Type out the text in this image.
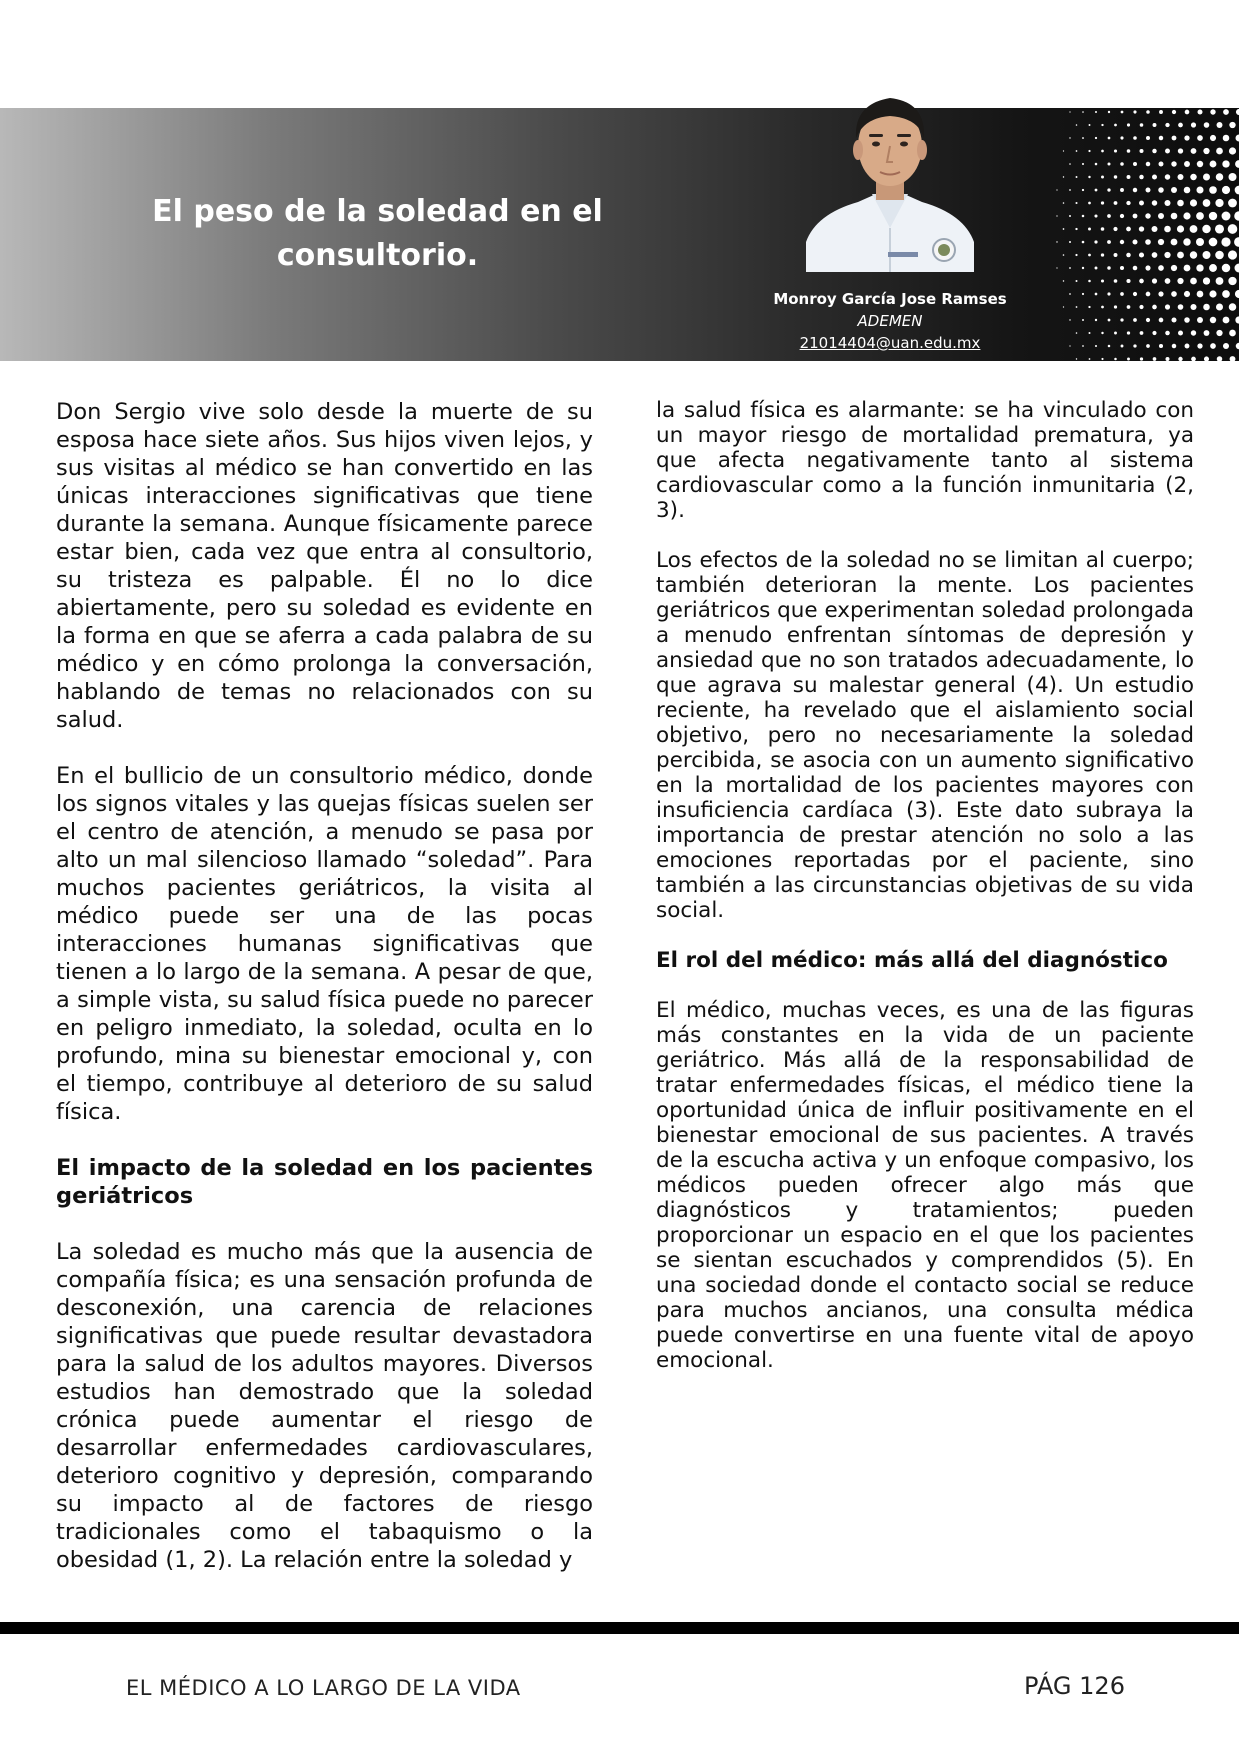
El peso de la soledad en el consultorio.
Monroy García Jose Ramses
ADEMEN
21014404@uan.edu.mx

Don Sergio vive solo desde la muerte de su esposa hace siete años. Sus hijos viven lejos, y sus visitas al médico se han convertido en las únicas interacciones significativas que tiene durante la semana. Aunque físicamente parece estar bien, cada vez que entra al consultorio, su tristeza es palpable. Él no lo dice abiertamente, pero su soledad es evidente en la forma en que se aferra a cada palabra de su médico y en cómo prolonga la conversación, hablando de temas no relacionados con su salud.

En el bullicio de un consultorio médico, donde los signos vitales y las quejas físicas suelen ser el centro de atención, a menudo se pasa por alto un mal silencioso llamado “soledad”. Para muchos pacientes geriátricos, la visita al médico puede ser una de las pocas interacciones humanas significativas que tienen a lo largo de la semana. A pesar de que, a simple vista, su salud física puede no parecer en peligro inmediato, la soledad, oculta en lo profundo, mina su bienestar emocional y, con el tiempo, contribuye al deterioro de su salud física.

El impacto de la soledad en los pacientes geriátricos

La soledad es mucho más que la ausencia de compañía física; es una sensación profunda de desconexión, una carencia de relaciones significativas que puede resultar devastadora para la salud de los adultos mayores. Diversos estudios han demostrado que la soledad crónica puede aumentar el riesgo de desarrollar enfermedades cardiovasculares, deterioro cognitivo y depresión, comparando su impacto al de factores de riesgo tradicionales como el tabaquismo o la obesidad (1, 2). La relación entre la soledad y

la salud física es alarmante: se ha vinculado con un mayor riesgo de mortalidad prematura, ya que afecta negativamente tanto al sistema cardiovascular como a la función inmunitaria (2, 3).

Los efectos de la soledad no se limitan al cuerpo; también deterioran la mente. Los pacientes geriátricos que experimentan soledad prolongada a menudo enfrentan síntomas de depresión y ansiedad que no son tratados adecuadamente, lo que agrava su malestar general (4). Un estudio reciente, ha revelado que el aislamiento social objetivo, pero no necesariamente la soledad percibida, se asocia con un aumento significativo en la mortalidad de los pacientes mayores con insuficiencia cardíaca (3). Este dato subraya la importancia de prestar atención no solo a las emociones reportadas por el paciente, sino también a las circunstancias objetivas de su vida social.

El rol del médico: más allá del diagnóstico

El médico, muchas veces, es una de las figuras más constantes en la vida de un paciente geriátrico. Más allá de la responsabilidad de tratar enfermedades físicas, el médico tiene la oportunidad única de influir positivamente en el bienestar emocional de sus pacientes. A través de la escucha activa y un enfoque compasivo, los médicos pueden ofrecer algo más que diagnósticos y tratamientos; pueden proporcionar un espacio en el que los pacientes se sientan escuchados y comprendidos (5). En una sociedad donde el contacto social se reduce para muchos ancianos, una consulta médica puede convertirse en una fuente vital de apoyo emocional.

EL MÉDICO A LO LARGO DE LA VIDA	PÁG 126
